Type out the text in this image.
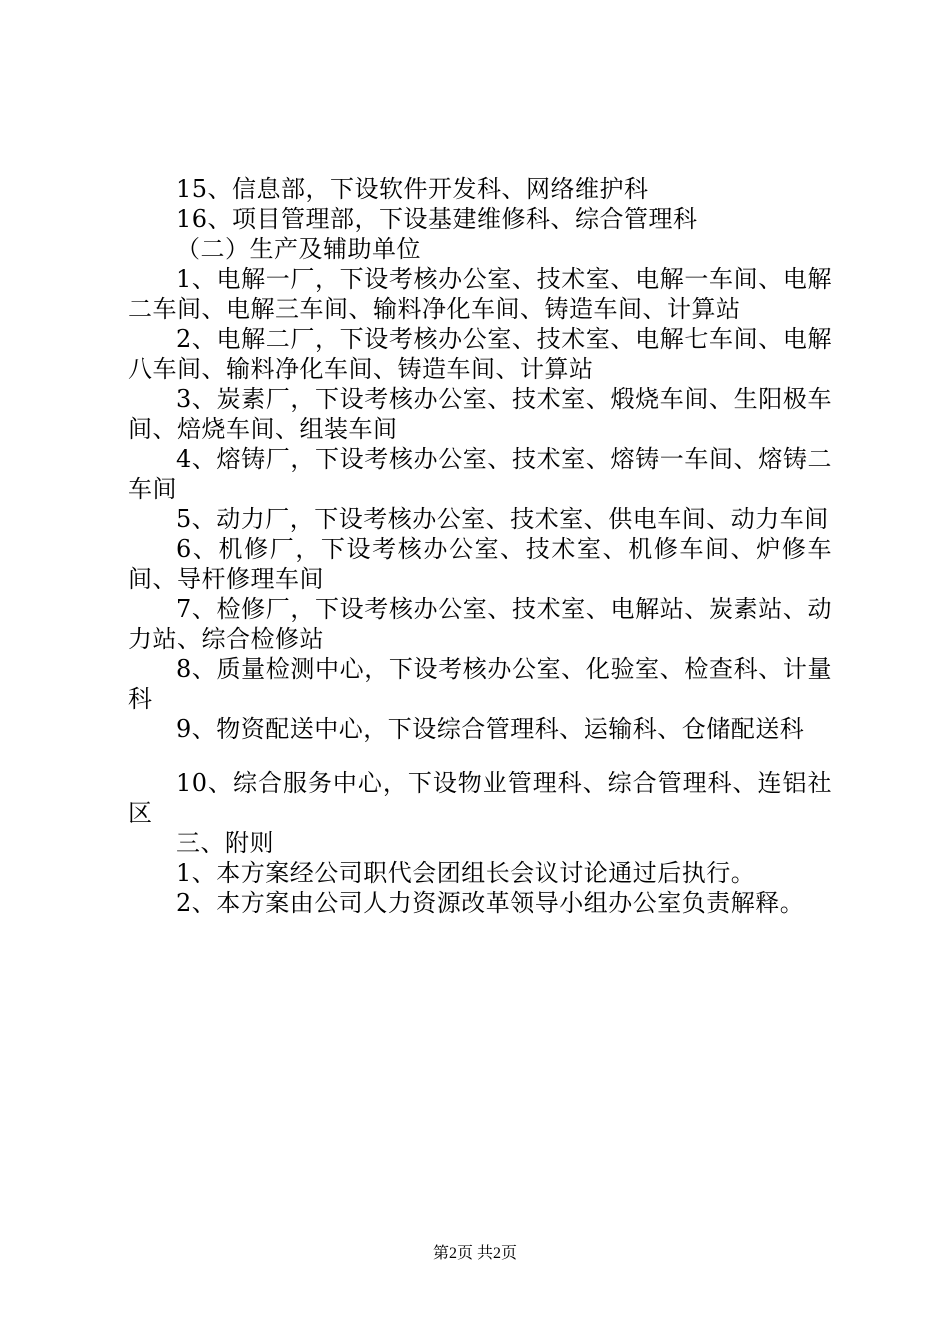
15、信息部，下设软件开发科、网络维护科

16、项目管理部，下设基建维修科、综合管理科

（二）生产及辅助单位

1、电解一厂，下设考核办公室、技术室、电解一车间、电解二车间、电解三车间、输料净化车间、铸造车间、计算站

2、电解二厂，下设考核办公室、技术室、电解七车间、电解八车间、输料净化车间、铸造车间、计算站

3、炭素厂，下设考核办公室、技术室、煅烧车间、生阳极车间、焙烧车间、组装车间

4、熔铸厂，下设考核办公室、技术室、熔铸一车间、熔铸二车间

5、动力厂，下设考核办公室、技术室、供电车间、动力车间

6、机修厂，下设考核办公室、技术室、机修车间、炉修车间、导杆修理车间

7、检修厂，下设考核办公室、技术室、电解站、炭素站、动力站、综合检修站

8、质量检测中心，下设考核办公室、化验室、检查科、计量科

9、物资配送中心，下设综合管理科、运输科、仓储配送科

10、综合服务中心，下设物业管理科、综合管理科、连铝社区

三、附则

1、本方案经公司职代会团组长会议讨论通过后执行。

2、本方案由公司人力资源改革领导小组办公室负责解释。

第2页 共2页
